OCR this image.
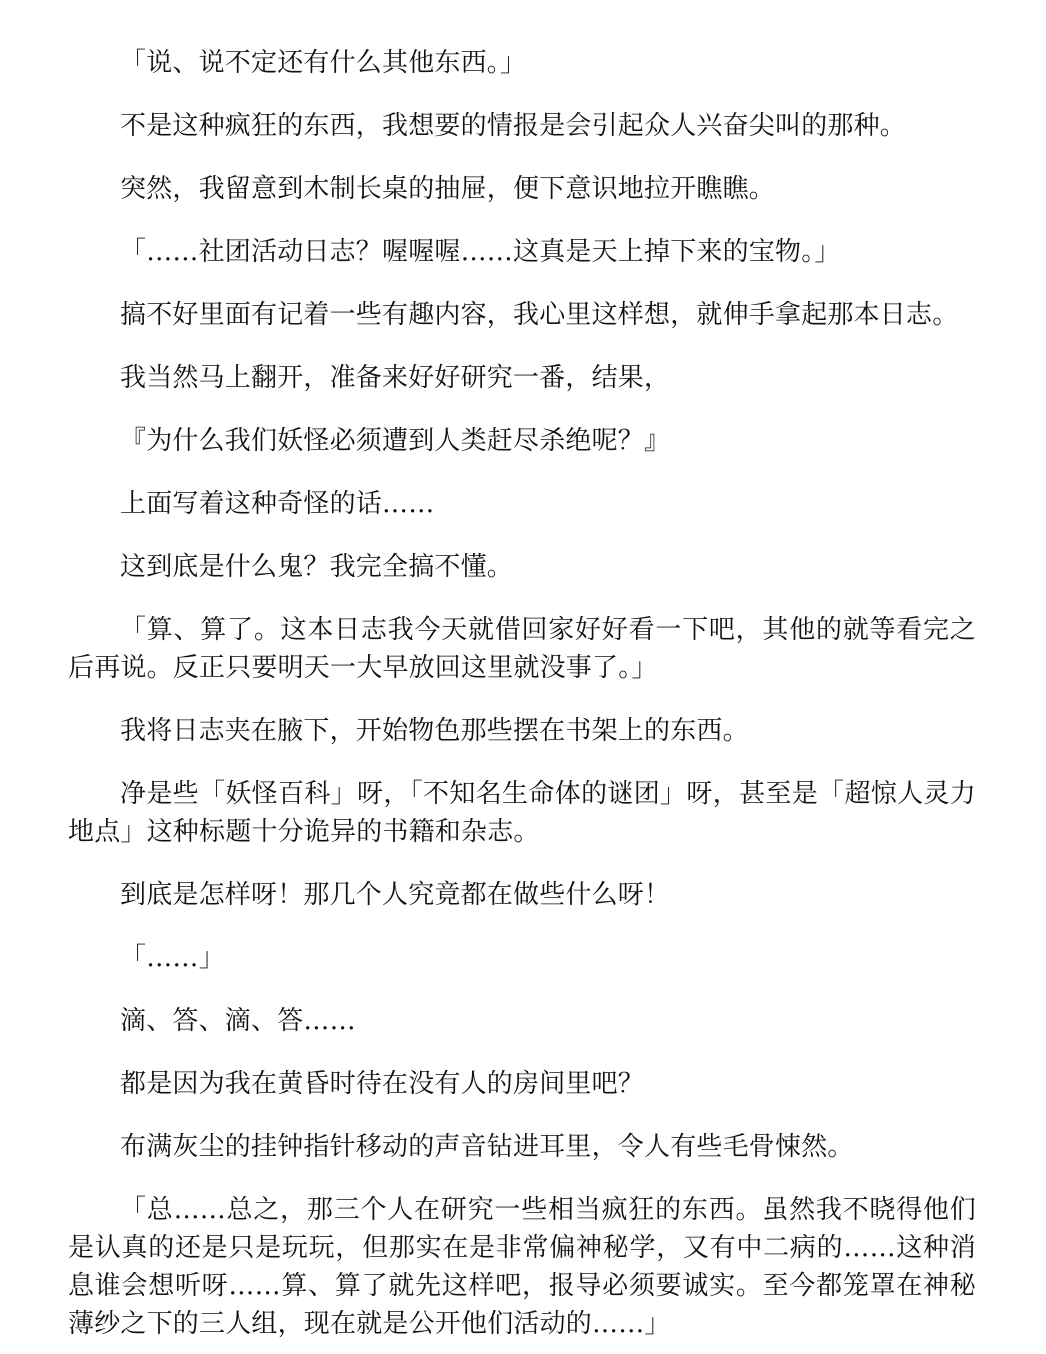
「说、说不定还有什么其他东西。」

不是这种疯狂的东西，我想要的情报是会引起众人兴奋尖叫的那种。

突然，我留意到木制长桌的抽屉，便下意识地拉开瞧瞧。

「……社团活动日志？喔喔喔……这真是天上掉下来的宝物。」

搞不好里面有记着一些有趣内容，我心里这样想，就伸手拿起那本日志。

我当然马上翻开，准备来好好研究一番，结果，

『为什么我们妖怪必须遭到人类赶尽杀绝呢？』

上面写着这种奇怪的话……

这到底是什么鬼？我完全搞不懂。

「算、算了。这本日志我今天就借回家好好看一下吧，其他的就等看完之后再说。反正只要明天一大早放回这里就没事了。」

我将日志夹在腋下，开始物色那些摆在书架上的东西。

净是些「妖怪百科」呀，「不知名生命体的谜团」呀，甚至是「超惊人灵力地点」这种标题十分诡异的书籍和杂志。

到底是怎样呀！那几个人究竟都在做些什么呀！

「……」

滴、答、滴、答……

都是因为我在黄昏时待在没有人的房间里吧？

布满灰尘的挂钟指针移动的声音钻进耳里，令人有些毛骨悚然。

「总……总之，那三个人在研究一些相当疯狂的东西。虽然我不晓得他们是认真的还是只是玩玩，但那实在是非常偏神秘学，又有中二病的……这种消息谁会想听呀……算、算了就先这样吧，报导必须要诚实。至今都笼罩在神秘薄纱之下的三人组，现在就是公开他们活动的……」
